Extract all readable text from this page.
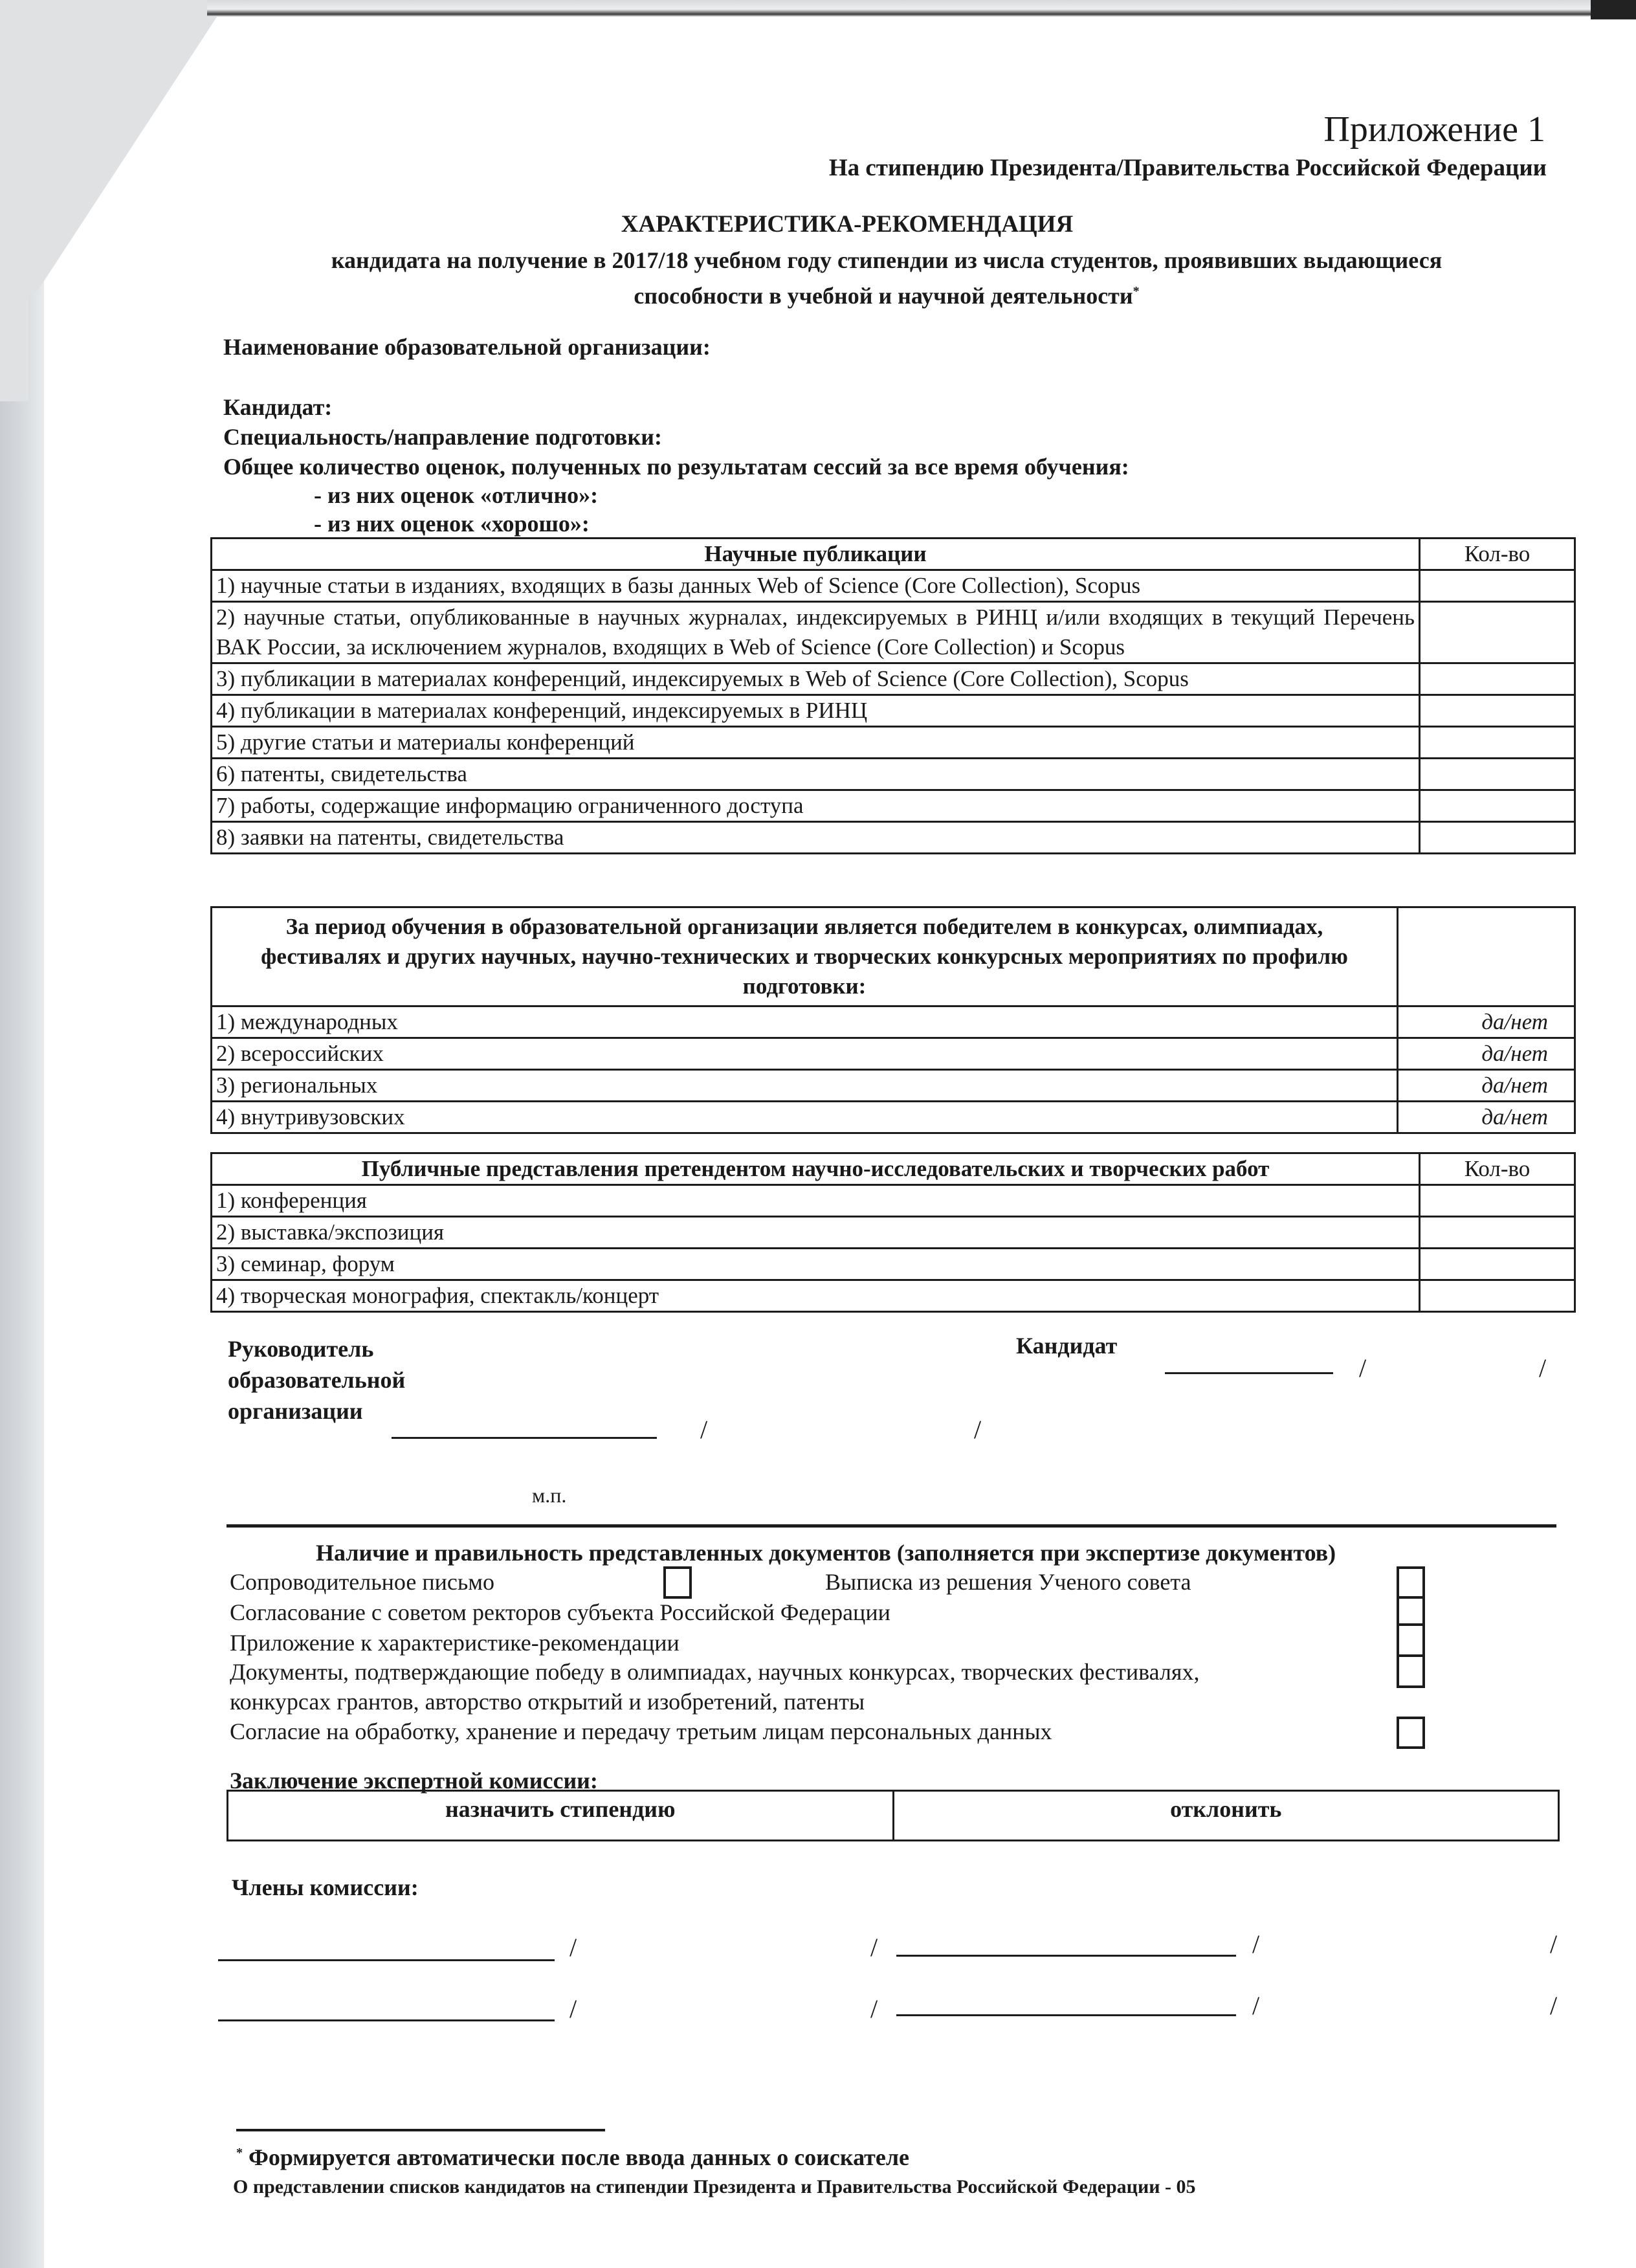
Приложение 1
На стипендию Президента/Правительства Российской Федерации
ХАРАКТЕРИСТИКА-РЕКОМЕНДАЦИЯ
кандидата на получение в 2017/18 учебном году стипендии из числа студентов, проявивших выдающиеся
способности в учебной и научной деятельности*
Наименование образовательной организации:
Кандидат:
Специальность/направление подготовки:
Общее количество оценок, полученных по результатам сессий за все время обучения:
- из них оценок «отлично»:
- из них оценок «хорошо»:
Научные публикации	Кол-во
1) научные статьи в изданиях, входящих в базы данных Web of Science (Core Collection), Scopus	
2) научные статьи, опубликованные в научных журналах, индексируемых в РИНЦ и/или входящих в текущий Перечень ВАК России, за исключением журналов, входящих в Web of Science (Core Collection) и Scopus	
3) публикации в материалах конференций, индексируемых в Web of Science (Core Collection), Scopus	
4) публикации в материалах конференций, индексируемых в РИНЦ	
5) другие статьи и материалы конференций	
6) патенты, свидетельства	
7) работы, содержащие информацию ограниченного доступа	
8) заявки на патенты, свидетельства	
За период обучения в образовательной организации является победителем в конкурсах, олимпиадах, фестивалях и других научных, научно-технических и творческих конкурсных мероприятиях по профилю подготовки:	
1) международных	да/нет
2) всероссийских	да/нет
3) региональных	да/нет
4) внутривузовских	да/нет
Публичные представления претендентом научно-исследовательских и творческих работ	Кол-во
1) конференция	
2) выставка/экспозиция	
3) семинар, форум	
4) творческая монография, спектакль/концерт	
Руководитель
образовательной
организации
/	/
Кандидат
/	/
м.п.
Наличие и правильность представленных документов (заполняется при экспертизе документов)
Сопроводительное письмо	Выписка из решения Ученого совета
Согласование с советом ректоров субъекта Российской Федерации
Приложение к характеристике-рекомендации
Документы, подтверждающие победу в олимпиадах, научных конкурсах, творческих фестивалях,
конкурсах грантов, авторство открытий и изобретений, патенты
Согласие на обработку, хранение и передачу третьим лицам персональных данных
Заключение экспертной комиссии:
назначить стипендию	отклонить
Члены комиссии:
/	/	/	/
/	/	/	/
* Формируется автоматически после ввода данных о соискателе
О представлении списков кандидатов на стипендии Президента и Правительства Российской Федерации - 05
